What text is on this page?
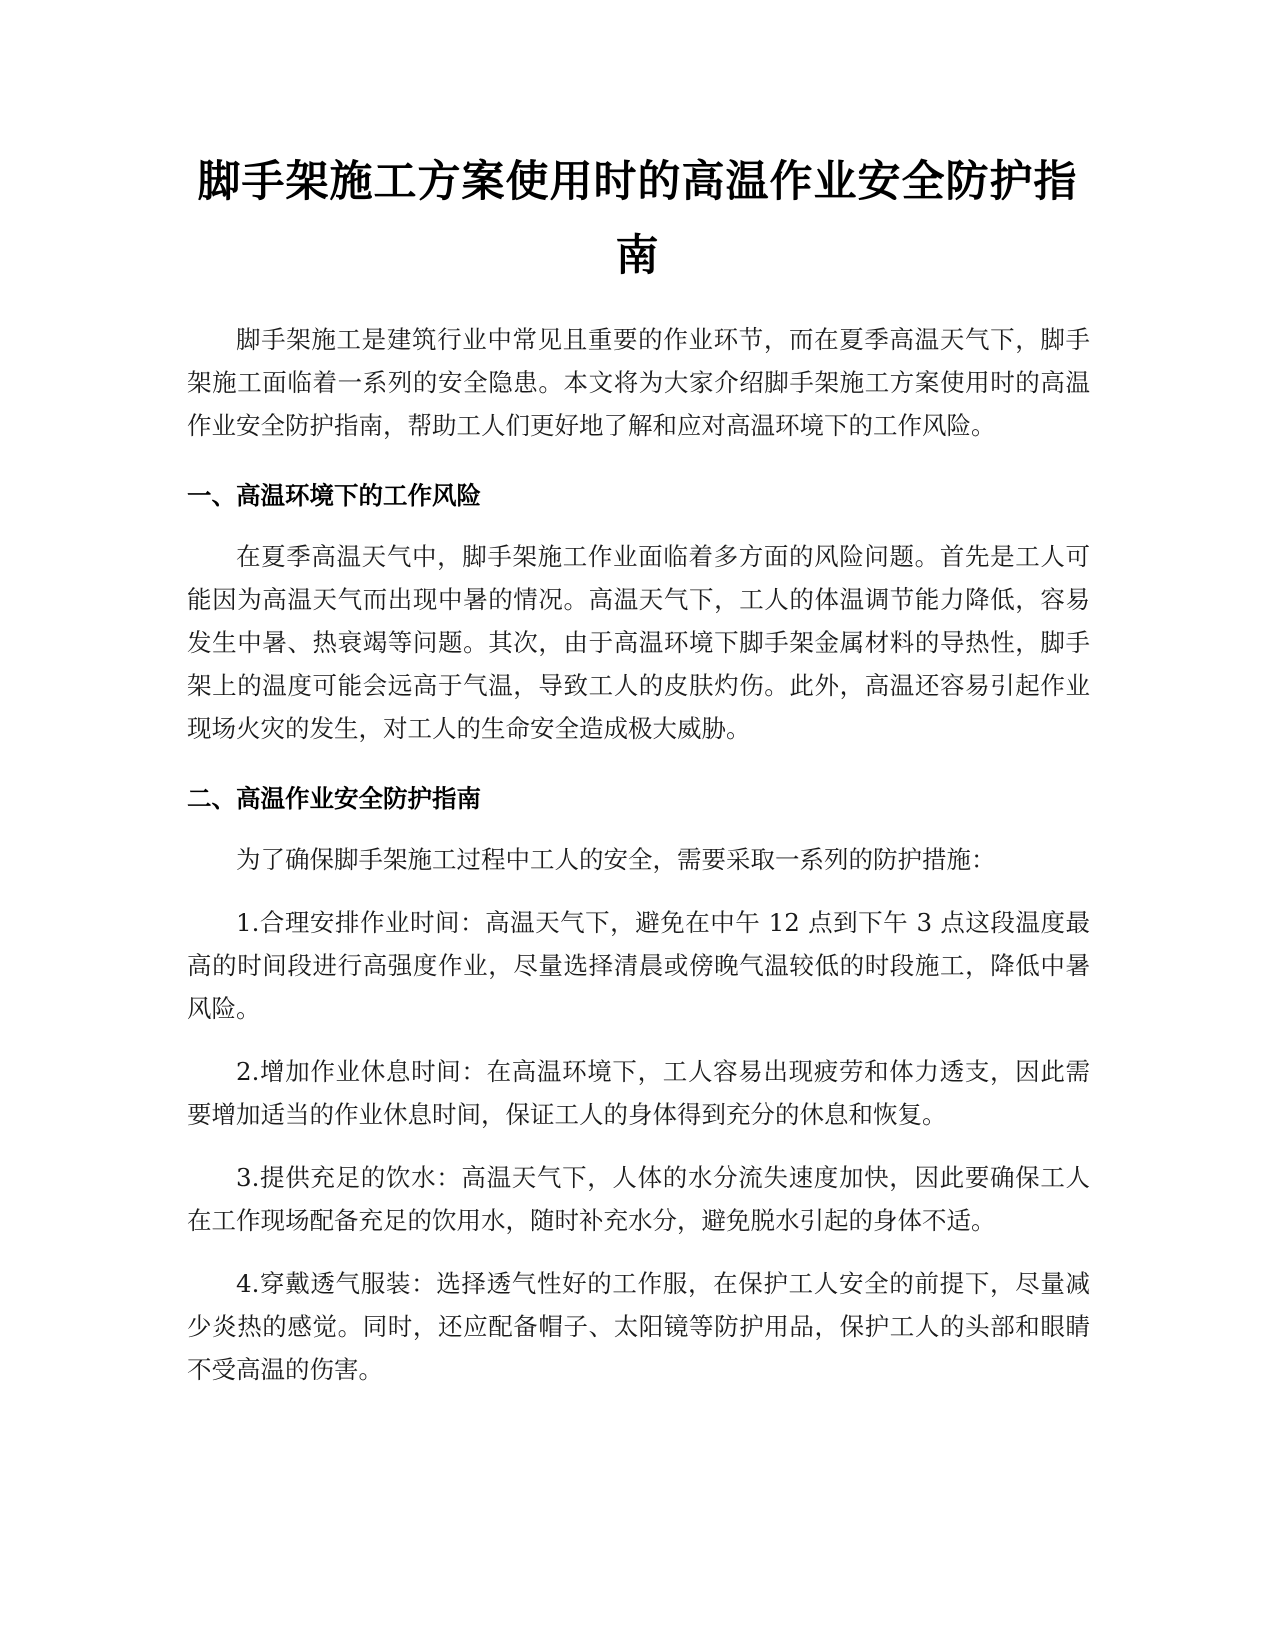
脚手架施工方案使用时的高温作业安全防护指南

脚手架施工是建筑行业中常见且重要的作业环节，而在夏季高温天气下，脚手架施工面临着一系列的安全隐患。本文将为大家介绍脚手架施工方案使用时的高温作业安全防护指南，帮助工人们更好地了解和应对高温环境下的工作风险。

一、高温环境下的工作风险

在夏季高温天气中，脚手架施工作业面临着多方面的风险问题。首先是工人可能因为高温天气而出现中暑的情况。高温天气下，工人的体温调节能力降低，容易发生中暑、热衰竭等问题。其次，由于高温环境下脚手架金属材料的导热性，脚手架上的温度可能会远高于气温，导致工人的皮肤灼伤。此外，高温还容易引起作业现场火灾的发生，对工人的生命安全造成极大威胁。

二、高温作业安全防护指南

为了确保脚手架施工过程中工人的安全，需要采取一系列的防护措施：

1.合理安排作业时间：高温天气下，避免在中午 12 点到下午 3 点这段温度最高的时间段进行高强度作业，尽量选择清晨或傍晚气温较低的时段施工，降低中暑风险。

2.增加作业休息时间：在高温环境下，工人容易出现疲劳和体力透支，因此需要增加适当的作业休息时间，保证工人的身体得到充分的休息和恢复。

3.提供充足的饮水：高温天气下，人体的水分流失速度加快，因此要确保工人在工作现场配备充足的饮用水，随时补充水分，避免脱水引起的身体不适。

4.穿戴透气服装：选择透气性好的工作服，在保护工人安全的前提下，尽量减少炎热的感觉。同时，还应配备帽子、太阳镜等防护用品，保护工人的头部和眼睛不受高温的伤害。
